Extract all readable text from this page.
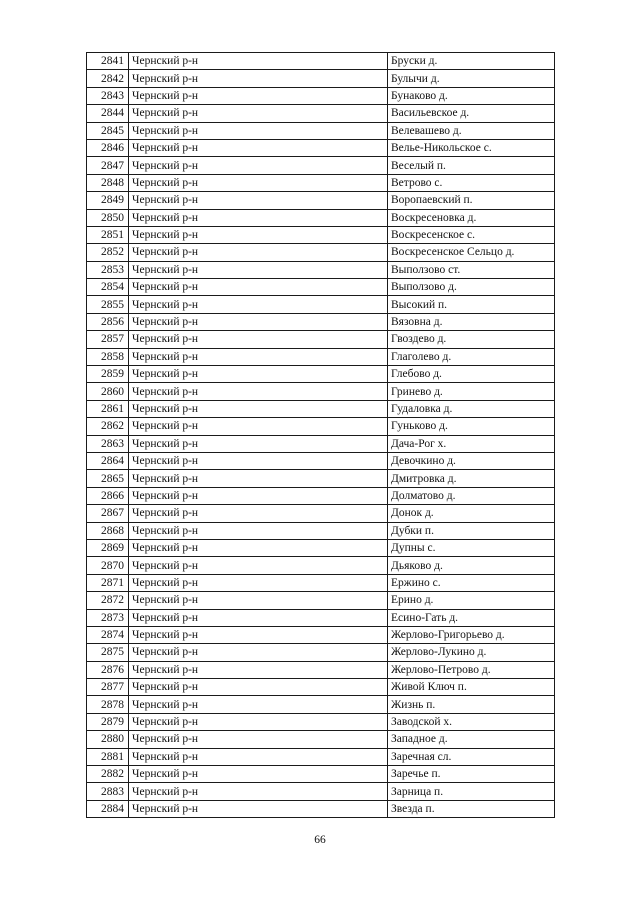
2841	Чернский р-н	Бруски д.
2842	Чернский р-н	Булычи д.
2843	Чернский р-н	Бунаково д.
2844	Чернский р-н	Васильевское д.
2845	Чернский р-н	Велевашево д.
2846	Чернский р-н	Велье-Никольское с.
2847	Чернский р-н	Веселый п.
2848	Чернский р-н	Ветрово с.
2849	Чернский р-н	Воропаевский п.
2850	Чернский р-н	Воскресеновка д.
2851	Чернский р-н	Воскресенское с.
2852	Чернский р-н	Воскресенское Сельцо д.
2853	Чернский р-н	Выползово ст.
2854	Чернский р-н	Выползово д.
2855	Чернский р-н	Высокий п.
2856	Чернский р-н	Вязовна д.
2857	Чернский р-н	Гвоздево д.
2858	Чернский р-н	Глаголево д.
2859	Чернский р-н	Глебово д.
2860	Чернский р-н	Гринево д.
2861	Чернский р-н	Гудаловка д.
2862	Чернский р-н	Гуньково д.
2863	Чернский р-н	Дача-Рог х.
2864	Чернский р-н	Девочкино д.
2865	Чернский р-н	Дмитровка д.
2866	Чернский р-н	Долматово д.
2867	Чернский р-н	Донок д.
2868	Чернский р-н	Дубки п.
2869	Чернский р-н	Дупны с.
2870	Чернский р-н	Дьяково д.
2871	Чернский р-н	Ержино с.
2872	Чернский р-н	Ерино д.
2873	Чернский р-н	Есино-Гать д.
2874	Чернский р-н	Жерлово-Григорьево д.
2875	Чернский р-н	Жерлово-Лукино д.
2876	Чернский р-н	Жерлово-Петрово д.
2877	Чернский р-н	Живой Ключ п.
2878	Чернский р-н	Жизнь п.
2879	Чернский р-н	Заводской х.
2880	Чернский р-н	Западное д.
2881	Чернский р-н	Заречная сл.
2882	Чернский р-н	Заречье п.
2883	Чернский р-н	Зарница п.
2884	Чернский р-н	Звезда п.
66
